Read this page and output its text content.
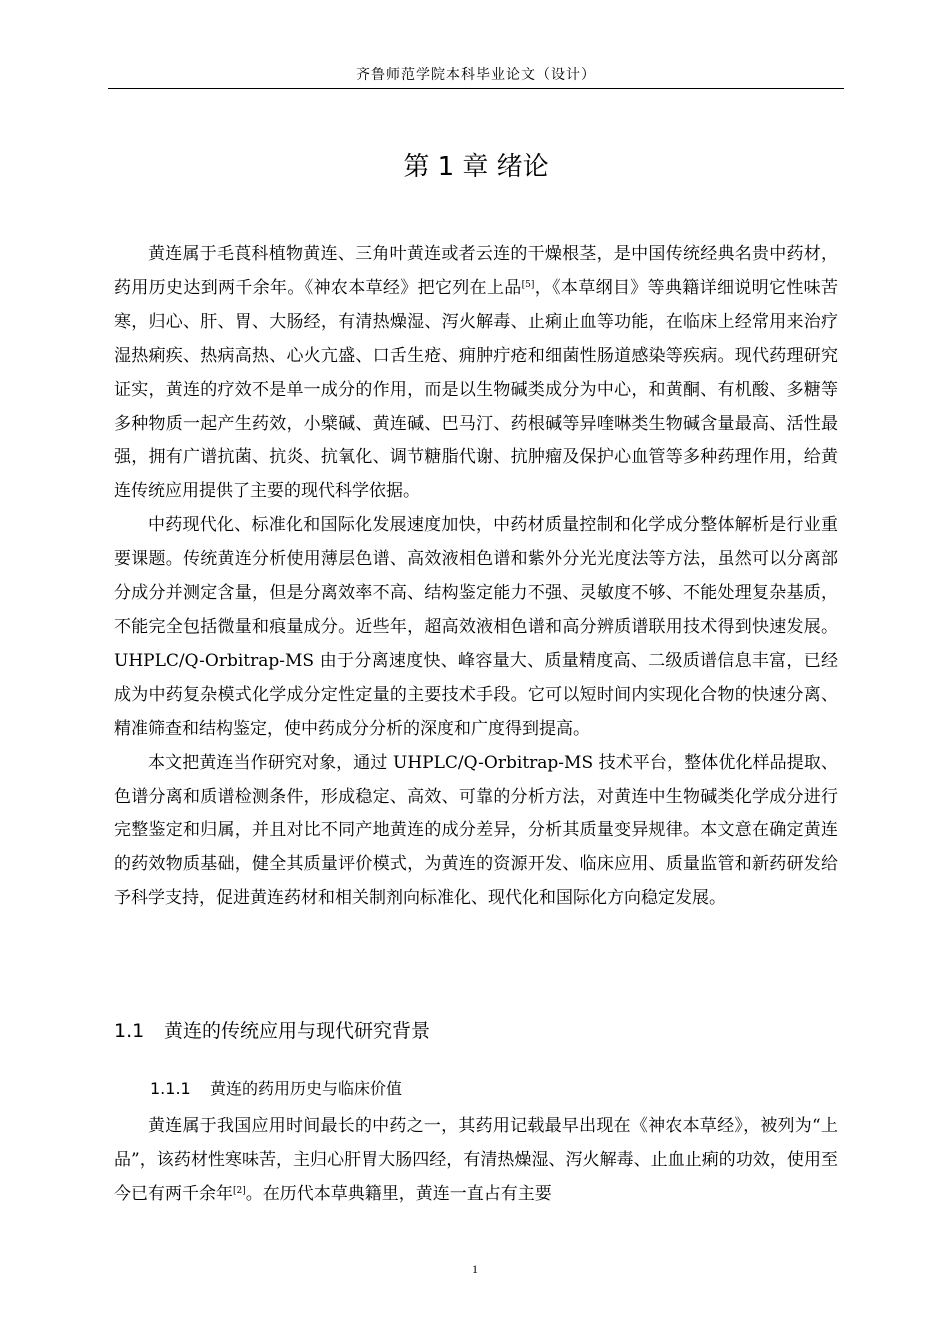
齐鲁师范学院本科毕业论文（设计）
第 1 章 绪论

黄连属于毛莨科植物黄连、三角叶黄连或者云连的干燥根茎，是中国传统经典名贵中药材，药用历史达到两千余年。《神农本草经》把它列在上品[5]，《本草纲目》等典籍详细说明它性味苦寒，归心、肝、胃、大肠经，有清热燥湿、泻火解毒、止痢止血等功能，在临床上经常用来治疗湿热痢疾、热病高热、心火亢盛、口舌生疮、痈肿疔疮和细菌性肠道感染等疾病。现代药理研究证实，黄连的疗效不是单一成分的作用，而是以生物碱类成分为中心，和黄酮、有机酸、多糖等多种物质一起产生药效，小檗碱、黄连碱、巴马汀、药根碱等异喹啉类生物碱含量最高、活性最强，拥有广谱抗菌、抗炎、抗氧化、调节糖脂代谢、抗肿瘤及保护心血管等多种药理作用，给黄连传统应用提供了主要的现代科学依据。

中药现代化、标准化和国际化发展速度加快，中药材质量控制和化学成分整体解析是行业重要课题。传统黄连分析使用薄层色谱、高效液相色谱和紫外分光光度法等方法，虽然可以分离部分成分并测定含量，但是分离效率不高、结构鉴定能力不强、灵敏度不够、不能处理复杂基质，不能完全包括微量和痕量成分。近些年，超高效液相色谱和高分辨质谱联用技术得到快速发展。UHPLC/Q-Orbitrap-MS 由于分离速度快、峰容量大、质量精度高、二级质谱信息丰富，已经成为中药复杂模式化学成分定性定量的主要技术手段。它可以短时间内实现化合物的快速分离、精准筛查和结构鉴定，使中药成分分析的深度和广度得到提高。

本文把黄连当作研究对象，通过 UHPLC/Q-Orbitrap-MS 技术平台，整体优化样品提取、色谱分离和质谱检测条件，形成稳定、高效、可靠的分析方法，对黄连中生物碱类化学成分进行完整鉴定和归属，并且对比不同产地黄连的成分差异，分析其质量变异规律。本文意在确定黄连的药效物质基础，健全其质量评价模式，为黄连的资源开发、临床应用、质量监管和新药研发给予科学支持，促进黄连药材和相关制剂向标准化、现代化和国际化方向稳定发展。

1.1 黄连的传统应用与现代研究背景
1.1.1 黄连的药用历史与临床价值

黄连属于我国应用时间最长的中药之一，其药用记载最早出现在《神农本草经》，被列为“上品”，该药材性寒味苦，主归心肝胃大肠四经，有清热燥湿、泻火解毒、止血止痢的功效，使用至今已有两千余年[2]。在历代本草典籍里，黄连一直占有主要

1
